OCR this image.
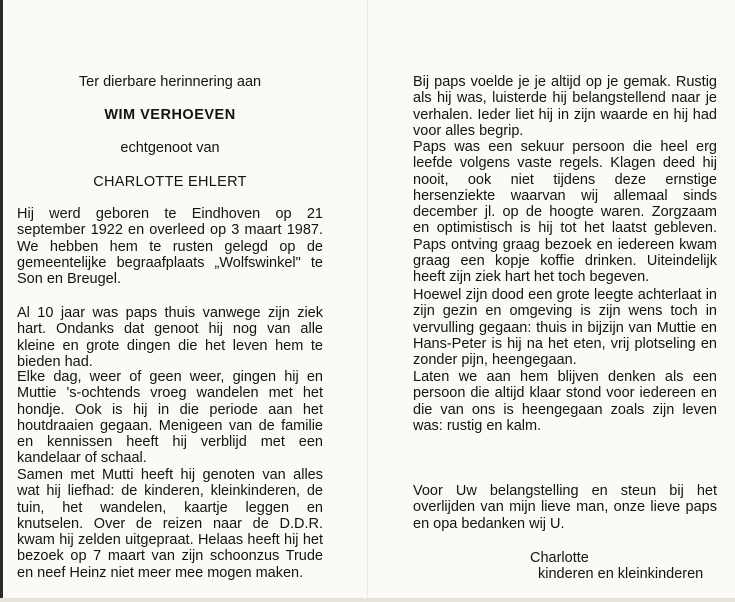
Ter dierbare herinnering aan
WIM VERHOEVEN
echtgenoot van
CHARLOTTE EHLERT
Hij werd geboren te Eindhoven op 21 september 1922 en overleed op 3 maart 1987. We hebben hem te rusten gelegd op de gemeentelijke begraafplaats „Wolfswinkel" te Son en Breugel.
Al 10 jaar was paps thuis vanwege zijn ziek hart. Ondanks dat genoot hij nog van alle kleine en grote dingen die het leven hem te bieden had.
Elke dag, weer of geen weer, gingen hij en Muttie 's-ochtends vroeg wandelen met het hondje. Ook is hij in die periode aan het houtdraaien gegaan. Menigeen van de familie en kennissen heeft hij verblijd met een kandelaar of schaal.
Samen met Mutti heeft hij genoten van alles wat hij liefhad: de kinderen, kleinkinderen, de tuin, het wandelen, kaartje leggen en knutselen. Over de reizen naar de D.D.R. kwam hij zelden uitgepraat. Helaas heeft hij het bezoek op 7 maart van zijn schoonzus Trude en neef Heinz niet meer mee mogen maken.
Bij paps voelde je je altijd op je gemak. Rustig als hij was, luisterde hij belangstellend naar je verhalen. Ieder liet hij in zijn waarde en hij had voor alles begrip.
Paps was een sekuur persoon die heel erg leefde volgens vaste regels. Klagen deed hij nooit, ook niet tijdens deze ernstige hersenziekte waarvan wij allemaal sinds december jl. op de hoogte waren. Zorgzaam en optimistisch is hij tot het laatst gebleven. Paps ontving graag bezoek en iedereen kwam graag een kopje koffie drinken. Uiteindelijk heeft zijn ziek hart het toch begeven.
Hoewel zijn dood een grote leegte achterlaat in zijn gezin en omgeving is zijn wens toch in vervulling gegaan: thuis in bijzijn van Muttie en Hans-Peter is hij na het eten, vrij plotseling en zonder pijn, heengegaan.
Laten we aan hem blijven denken als een persoon die altijd klaar stond voor iedereen en die van ons is heengegaan zoals zijn leven was: rustig en kalm.
Voor Uw belangstelling en steun bij het overlijden van mijn lieve man, onze lieve paps en opa bedanken wij U.
Charlotte
kinderen en kleinkinderen
